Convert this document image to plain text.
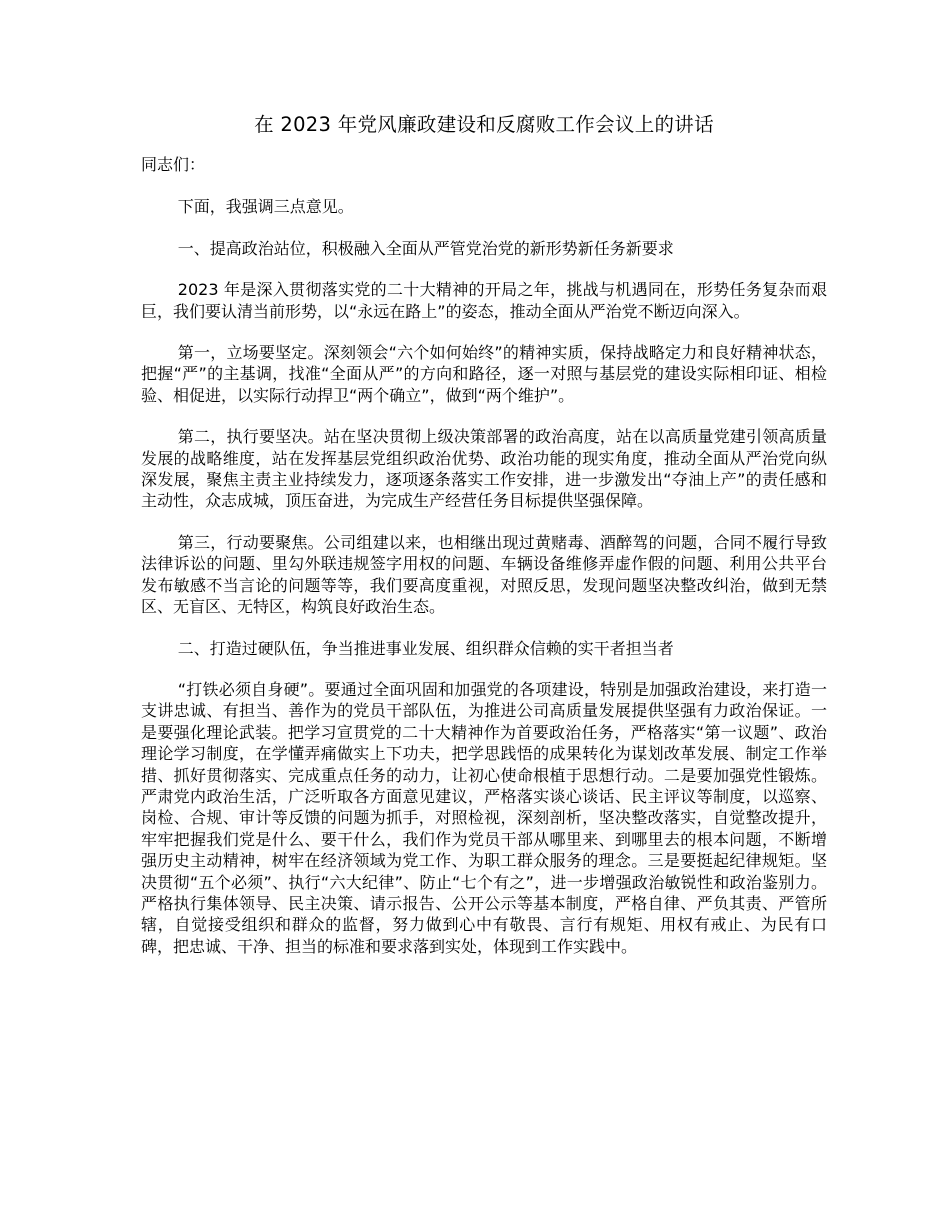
在 2023 年党风廉政建设和反腐败工作会议上的讲话

同志们：

下面，我强调三点意见。

一、提高政治站位，积极融入全面从严管党治党的新形势新任务新要求

2023 年是深入贯彻落实党的二十大精神的开局之年，挑战与机遇同在，形势任务复杂而艰巨，我们要认清当前形势，以“永远在路上”的姿态，推动全面从严治党不断迈向深入。

第一，立场要坚定。深刻领会“六个如何始终”的精神实质，保持战略定力和良好精神状态，把握“严”的主基调，找准“全面从严”的方向和路径，逐一对照与基层党的建设实际相印证、相检验、相促进，以实际行动捍卫“两个确立”，做到“两个维护”。

第二，执行要坚决。站在坚决贯彻上级决策部署的政治高度，站在以高质量党建引领高质量发展的战略维度，站在发挥基层党组织政治优势、政治功能的现实角度，推动全面从严治党向纵深发展，聚焦主责主业持续发力，逐项逐条落实工作安排，进一步激发出“夺油上产”的责任感和主动性，众志成城，顶压奋进，为完成生产经营任务目标提供坚强保障。

第三，行动要聚焦。公司组建以来，也相继出现过黄赌毒、酒醉驾的问题，合同不履行导致法律诉讼的问题、里勾外联违规签字用权的问题、车辆设备维修弄虚作假的问题、利用公共平台发布敏感不当言论的问题等等，我们要高度重视，对照反思，发现问题坚决整改纠治，做到无禁区、无盲区、无特区，构筑良好政治生态。

二、打造过硬队伍，争当推进事业发展、组织群众信赖的实干者担当者

“打铁必须自身硬”。要通过全面巩固和加强党的各项建设，特别是加强政治建设，来打造一支讲忠诚、有担当、善作为的党员干部队伍，为推进公司高质量发展提供坚强有力政治保证。一是要强化理论武装。把学习宣贯党的二十大精神作为首要政治任务，严格落实“第一议题”、政治理论学习制度，在学懂弄痛做实上下功夫，把学思践悟的成果转化为谋划改革发展、制定工作举措、抓好贯彻落实、完成重点任务的动力，让初心使命根植于思想行动。二是要加强党性锻炼。严肃党内政治生活，广泛听取各方面意见建议，严格落实谈心谈话、民主评议等制度，以巡察、岗检、合规、审计等反馈的问题为抓手，对照检视，深刻剖析，坚决整改落实，自觉整改提升，牢牢把握我们党是什么、要干什么，我们作为党员干部从哪里来、到哪里去的根本问题，不断增强历史主动精神，树牢在经济领域为党工作、为职工群众服务的理念。三是要挺起纪律规矩。坚决贯彻“五个必须”、执行“六大纪律”、防止“七个有之”，进一步增强政治敏锐性和政治鉴别力。严格执行集体领导、民主决策、请示报告、公开公示等基本制度，严格自律、严负其责、严管所辖，自觉接受组织和群众的监督，努力做到心中有敬畏、言行有规矩、用权有戒止、为民有口碑，把忠诚、干净、担当的标准和要求落到实处，体现到工作实践中。
